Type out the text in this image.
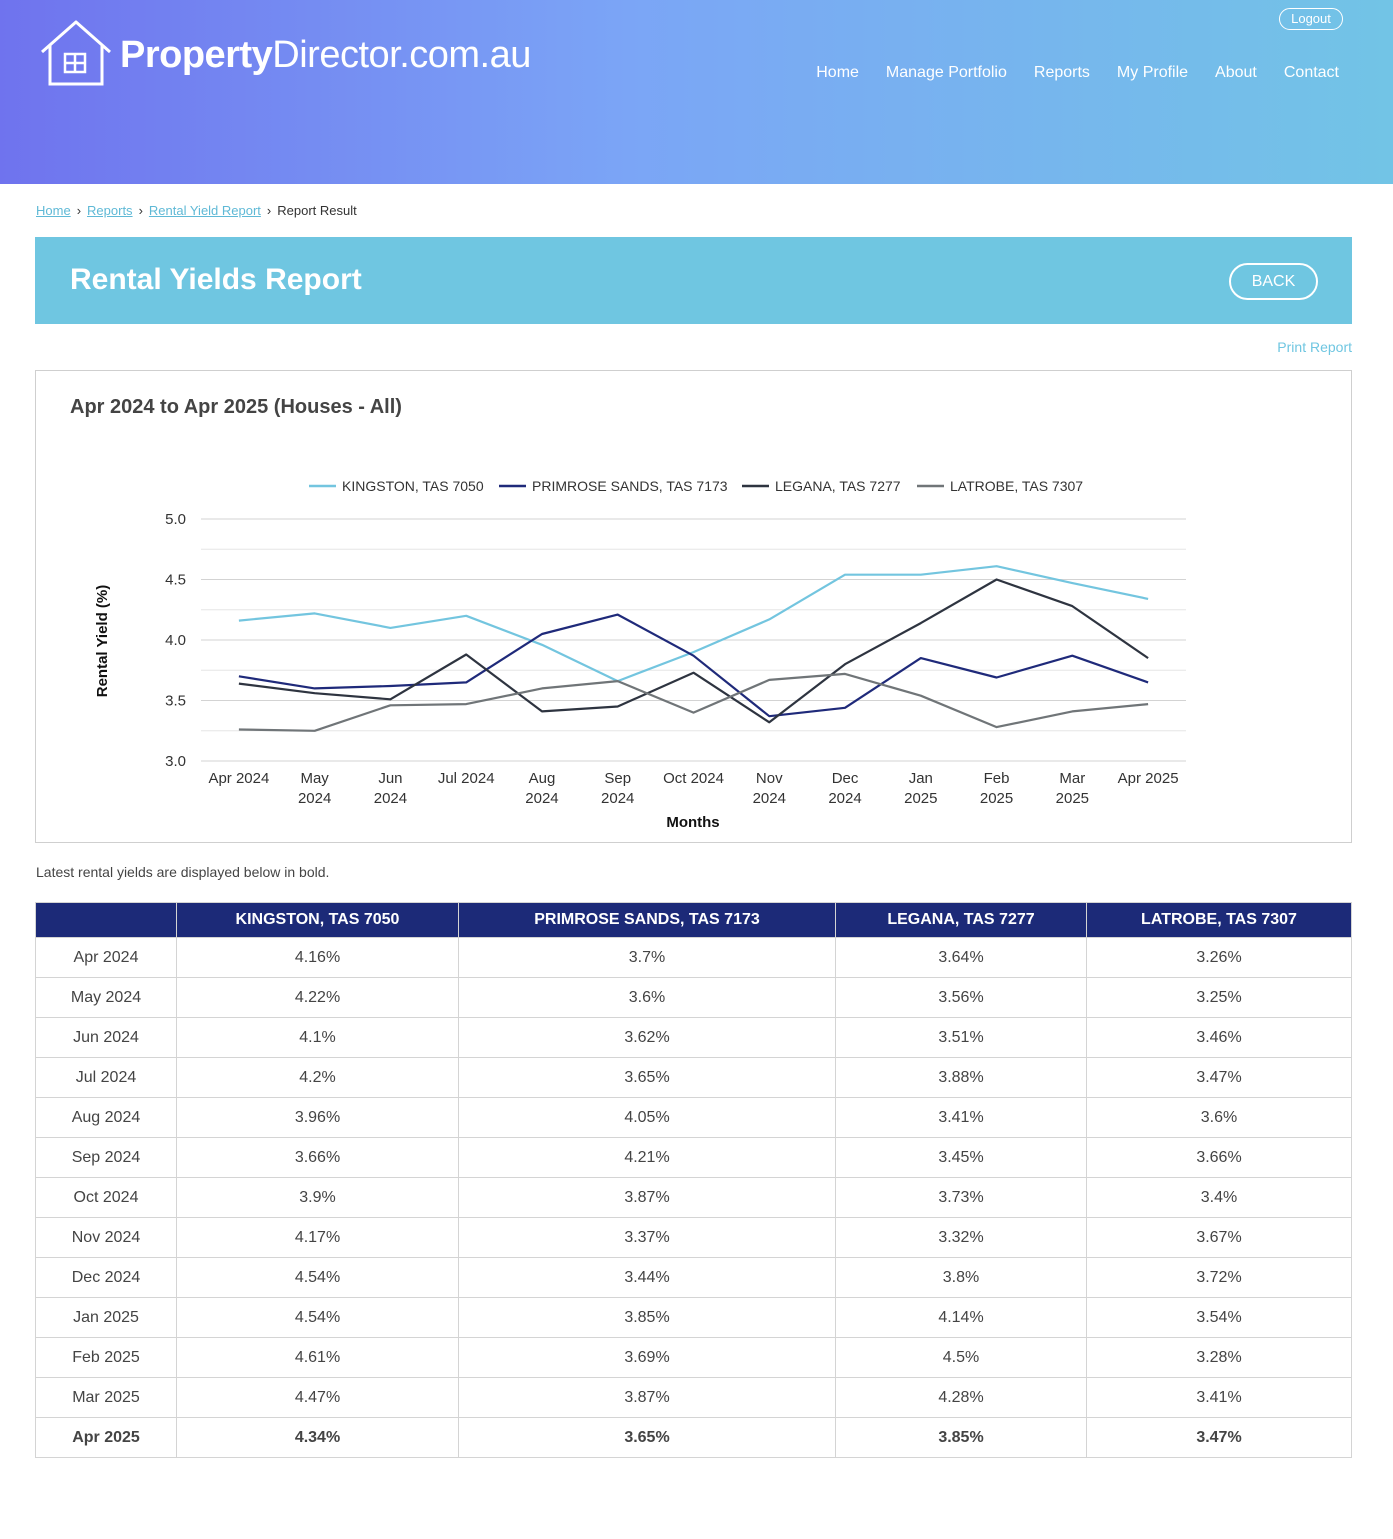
PropertyDirector.com.au
Logout
Home Manage Portfolio Reports My Profile About Contact
Home › Reports › Rental Yield Report › Report Result
Rental Yields Report	BACK
Print Report
Apr 2024 to Apr 2025 (Houses - All)
3.0
3.5
4.0
4.5
5.0
Apr 2024 May
2024
Jun
2024
Jul 2024 Aug
2024
Sep
2024
Oct 2024 Nov
2024
Dec
2024
Jan
2025
Feb
2025
Mar
2025
Apr 2025
Months
Rental Yield (%)
KINGSTON, TAS 7050	PRIMROSE SANDS, TAS 7173	LEGANA, TAS 7277	LATROBE, TAS 7307
Latest rental yields are displayed below in bold.
	KINGSTON, TAS 7050	PRIMROSE SANDS, TAS 7173	LEGANA, TAS 7277	LATROBE, TAS 7307
Apr 2024	4.16%	3.7%	3.64%	3.26%
May 2024	4.22%	3.6%	3.56%	3.25%
Jun 2024	4.1%	3.62%	3.51%	3.46%
Jul 2024	4.2%	3.65%	3.88%	3.47%
Aug 2024	3.96%	4.05%	3.41%	3.6%
Sep 2024	3.66%	4.21%	3.45%	3.66%
Oct 2024	3.9%	3.87%	3.73%	3.4%
Nov 2024	4.17%	3.37%	3.32%	3.67%
Dec 2024	4.54%	3.44%	3.8%	3.72%
Jan 2025	4.54%	3.85%	4.14%	3.54%
Feb 2025	4.61%	3.69%	4.5%	3.28%
Mar 2025	4.47%	3.87%	4.28%	3.41%
Apr 2025	4.34%	3.65%	3.85%	3.47%
